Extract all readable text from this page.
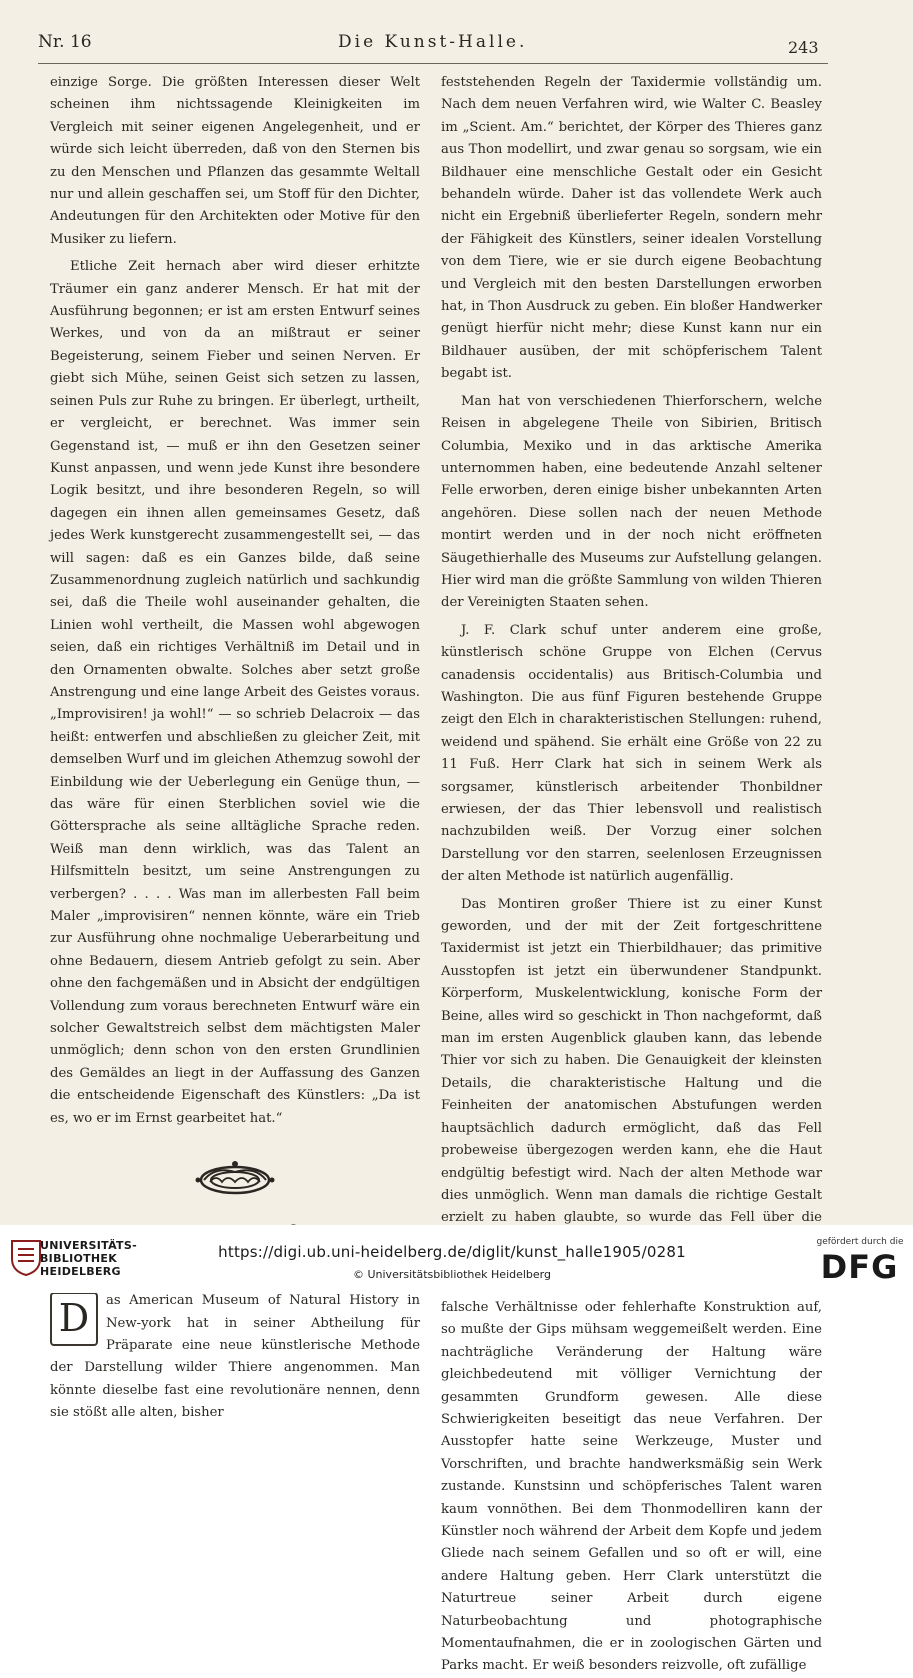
Nr. 16	Die Kunst-Halle.	243

einzige Sorge. Die größten Interessen dieser Welt scheinen ihm nichtssagende Kleinigkeiten im Vergleich mit seiner eigenen Angelegenheit, und er würde sich leicht überreden, daß von den Sternen bis zu den Menschen und Pflanzen das gesammte Weltall nur und allein geschaffen sei, um Stoff für den Dichter, Andeutungen für den Architekten oder Motive für den Musiker zu liefern.

Etliche Zeit hernach aber wird dieser erhitzte Träumer ein ganz anderer Mensch. Er hat mit der Ausführung begonnen; er ist am ersten Entwurf seines Werkes, und von da an mißtraut er seiner Begeisterung, seinem Fieber und seinen Nerven. Er giebt sich Mühe, seinen Geist sich setzen zu lassen, seinen Puls zur Ruhe zu bringen. Er überlegt, urtheilt, er vergleicht, er berechnet. Was immer sein Gegenstand ist, — muß er ihn den Gesetzen seiner Kunst anpassen, und wenn jede Kunst ihre besondere Logik besitzt, und ihre besonderen Regeln, so will dagegen ein ihnen allen gemeinsames Gesetz, daß jedes Werk kunstgerecht zusammengestellt sei, — das will sagen: daß es ein Ganzes bilde, daß seine Zusammenordnung zugleich natürlich und sachkundig sei, daß die Theile wohl auseinander gehalten, die Linien wohl vertheilt, die Massen wohl abgewogen seien, daß ein richtiges Verhältniß im Detail und in den Ornamenten obwalte. Solches aber setzt große Anstrengung und eine lange Arbeit des Geistes voraus. „Improvisiren! ja wohl!“ — so schrieb Delacroix — das heißt: entwerfen und abschließen zu gleicher Zeit, mit demselben Wurf und im gleichen Athemzug sowohl der Einbildung wie der Ueberlegung ein Genüge thun, — das wäre für einen Sterblichen soviel wie die Göttersprache als seine alltägliche Sprache reden. Weiß man denn wirklich, was das Talent an Hilfsmitteln besitzt, um seine Anstrengungen zu verbergen? . . . . Was man im allerbesten Fall beim Maler „improvisiren“ nennen könnte, wäre ein Trieb zur Ausführung ohne nochmalige Ueberarbeitung und ohne Bedauern, diesem Antrieb gefolgt zu sein. Aber ohne den fachgemäßen und in Absicht der endgültigen Vollendung zum voraus berechneten Entwurf wäre ein solcher Gewaltstreich selbst dem mächtigsten Maler unmöglich; denn schon von den ersten Grundlinien des Gemäldes an liegt in der Auffassung des Ganzen die entscheidende Eigenschaft des Künstlers: „Da ist es, wo er im Ernst gearbeitet hat.“

D	as American Museum of Natural History in New-york hat in seiner Abtheilung für Präparate eine neue künstlerische Methode der Darstellung wilder Thiere angenommen. Man könnte dieselbe fast eine revolutionäre nennen, denn sie stößt alle alten, bisher

feststehenden Regeln der Taxidermie vollständig um. Nach dem neuen Verfahren wird, wie Walter C. Beasley im „Scient. Am.“ berichtet, der Körper des Thieres ganz aus Thon modellirt, und zwar genau so sorgsam, wie ein Bildhauer eine menschliche Gestalt oder ein Gesicht behandeln würde. Daher ist das vollendete Werk auch nicht ein Ergebniß überlieferter Regeln, sondern mehr der Fähigkeit des Künstlers, seiner idealen Vorstellung von dem Tiere, wie er sie durch eigene Beobachtung und Vergleich mit den besten Darstellungen erworben hat, in Thon Ausdruck zu geben. Ein bloßer Handwerker genügt hierfür nicht mehr; diese Kunst kann nur ein Bildhauer ausüben, der mit schöpferischem Talent begabt ist.

Man hat von verschiedenen Thierforschern, welche Reisen in abgelegene Theile von Sibirien, Britisch Columbia, Mexiko und in das arktische Amerika unternommen haben, eine bedeutende Anzahl seltener Felle erworben, deren einige bisher unbekannten Arten angehören. Diese sollen nach der neuen Methode montirt werden und in der noch nicht eröffneten Säugethierhalle des Museums zur Aufstellung gelangen. Hier wird man die größte Sammlung von wilden Thieren der Vereinigten Staaten sehen.

J. F. Clark schuf unter anderem eine große, künstlerisch schöne Gruppe von Elchen (Cervus canadensis occidentalis) aus Britisch-Columbia und Washington. Die aus fünf Figuren bestehende Gruppe zeigt den Elch in charakteristischen Stellungen: ruhend, weidend und spähend. Sie erhält eine Größe von 22 zu 11 Fuß. Herr Clark hat sich in seinem Werk als sorgsamer, künstlerisch arbeitender Thonbildner erwiesen, der das Thier lebensvoll und realistisch nachzubilden weiß. Der Vorzug einer solchen Darstellung vor den starren, seelenlosen Erzeugnissen der alten Methode ist natürlich augenfällig.

Das Montiren großer Thiere ist zu einer Kunst geworden, und der mit der Zeit fortgeschrittene Taxidermist ist jetzt ein Thierbildhauer; das primitive Ausstopfen ist jetzt ein überwundener Standpunkt. Körperform, Muskelentwicklung, konische Form der Beine, alles wird so geschickt in Thon nachgeformt, daß man im ersten Augenblick glauben kann, das lebende Thier vor sich zu haben. Die Genauigkeit der kleinsten Details, die charakteristische Haltung und die Feinheiten der anatomischen Abstufungen werden hauptsächlich dadurch ermöglicht, daß das Fell probeweise übergezogen werden kann, ehe die Haut endgültig befestigt wird. Nach der alten Methode war dies unmöglich. Wenn man damals die richtige Gestalt erzielt zu haben glaubte, so wurde das Fell über die falsche Verhältnisse oder fehlerhafte Konstruktion auf, so mußte der Gips mühsam weggemeißelt werden. Eine nachträgliche Veränderung der Haltung wäre gleichbedeutend mit völliger Vernichtung der gesammten Grundform gewesen. Alle diese Schwierigkeiten beseitigt das neue Verfahren. Der Ausstopfer hatte seine Werkzeuge, Muster und Vorschriften, und brachte handwerksmäßig sein Werk zustande. Kunstsinn und schöpferisches Talent waren kaum vonnöthen. Bei dem Thonmodelliren kann der Künstler noch während der Arbeit dem Kopfe und jedem Gliede nach seinem Gefallen und so oft er will, eine andere Haltung geben. Herr Clark unterstützt die Naturtreue seiner Arbeit durch eigene Naturbeobachtung und photographische Momentaufnahmen, die er in zoologischen Gärten und Parks macht. Er weiß besonders reizvolle, oft zufällige

UNIVERSITÄTS-
BIBLIOTHEK
HEIDELBERG
https://digi.ub.uni-heidelberg.de/diglit/kunst_halle1905/0281
© Universitätsbibliothek Heidelberg
gefördert durch die
DFG
